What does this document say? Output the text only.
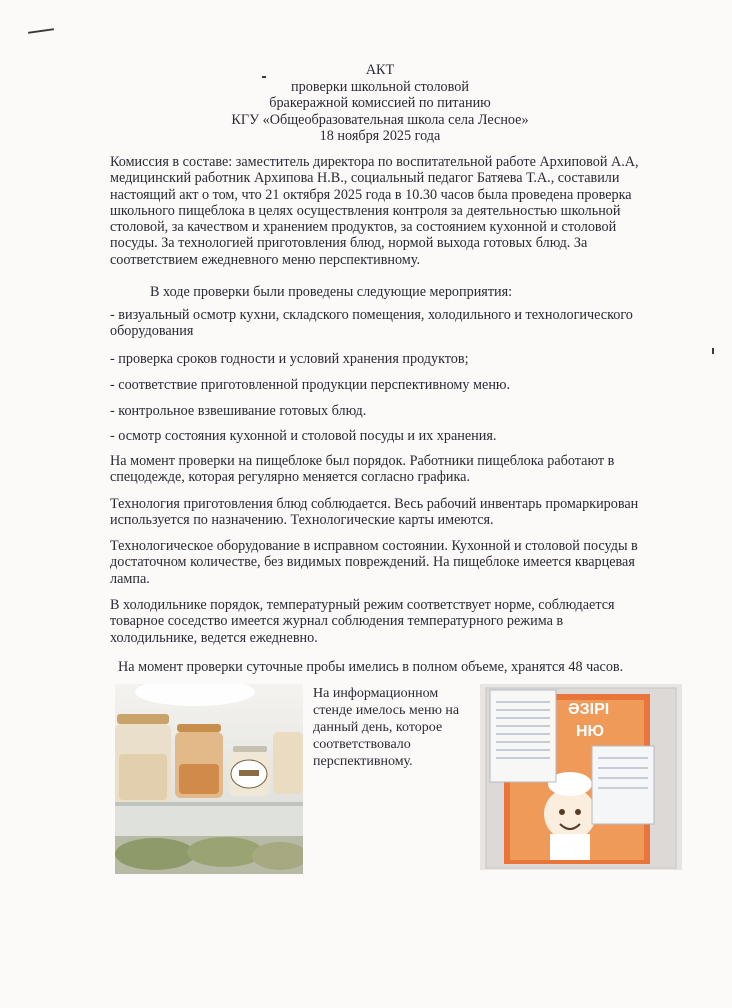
АКТ
проверки школьной столовой
бракеражной комиссией по питанию
КГУ «Общеобразовательная школа села Лесное»
18 ноября 2025 года

Комиссия в составе: заместитель директора по воспитательной работе Архиповой А.А, медицинский работник Архипова Н.В., социальный педагог Батяева Т.А., составили настоящий акт о том, что 21 октября 2025 года в 10.30 часов была проведена проверка школьного пищеблока в целях осуществления контроля за деятельностью школьной столовой, за качеством и хранением продуктов, за состоянием кухонной и столовой посуды. За технологией приготовления блюд, нормой выхода готовых блюд. За соответствием ежедневного меню перспективному.

В ходе проверки были проведены следующие мероприятия:

- визуальный осмотр кухни, складского помещения, холодильного и технологического оборудования

- проверка сроков годности и условий хранения продуктов;

- соответствие приготовленной продукции перспективному меню.

- контрольное взвешивание готовых блюд.

- осмотр состояния кухонной и столовой посуды и их хранения.

На момент проверки на пищеблоке был порядок. Работники пищеблока работают в спецодежде, которая регулярно меняется согласно графика.

Технология приготовления блюд соблюдается. Весь рабочий инвентарь промаркирован используется по назначению. Технологические карты имеются.

Технологическое оборудование в исправном состоянии. Кухонной и столовой посуды в достаточном количестве, без видимых повреждений. На пищеблоке имеется кварцевая лампа.

В холодильнике порядок, температурный режим соответствует норме, соблюдается товарное соседство имеется журнал соблюдения температурного режима в холодильнике, ведется ежедневно.

На момент проверки суточные пробы имелись в полном объеме, хранятся 48 часов.

На информационном стенде имелось меню на данный день, которое соответствовало перспективному.

ӘЗІРІ
НЮ
